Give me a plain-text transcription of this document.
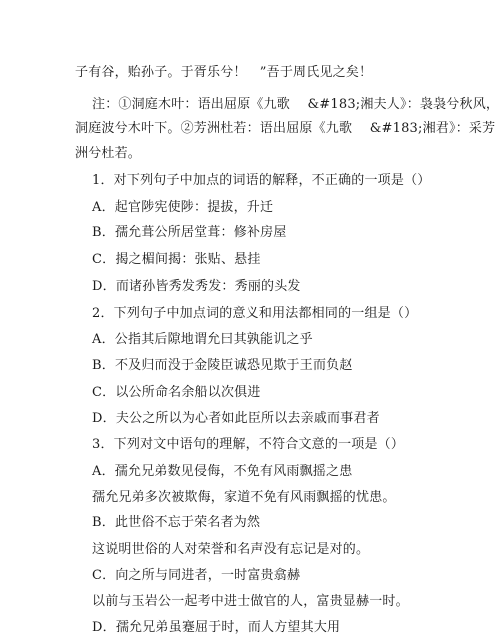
子有谷，贻孙子。于胥乐兮！　”吾于周氏见之矣！
注：①洞庭木叶：语出屈原《九歌　 &#183;湘夫人》：袅袅兮秋风，
洞庭波兮木叶下。②芳洲杜若：语出屈原《九歌　 &#183;湘君》：采芳
洲兮杜若。
1．对下列句子中加点的词语的解释，不正确的一项是（）
A．起官陟宪使陟：提拔，升迁
B．孺允葺公所居堂葺：修补房屋
C．揭之楣间揭：张贴、悬挂
D．而诸孙皆秀发秀发：秀丽的头发
2．下列句子中加点词的意义和用法都相同的一组是（）
A．公指其后隙地谓允曰其孰能讥之乎
B．不及归而没于金陵臣诚恐见欺于王而负赵
C．以公所命名余船以次俱进
D．夫公之所以为心者如此臣所以去亲戚而事君者
3．下列对文中语句的理解，不符合文意的一项是（）
A．孺允兄弟数见侵侮，不免有风雨飘摇之患
孺允兄弟多次被欺侮，家道不免有风雨飘摇的忧患。
B．此世俗不忘于荣名者为然
这说明世俗的人对荣誉和名声没有忘记是对的。
C．向之所与同进者，一时富贵翕赫
以前与玉岩公一起考中进士做官的人，富贵显赫一时。
D．孺允兄弟虽蹇屈于时，而人方望其大用
